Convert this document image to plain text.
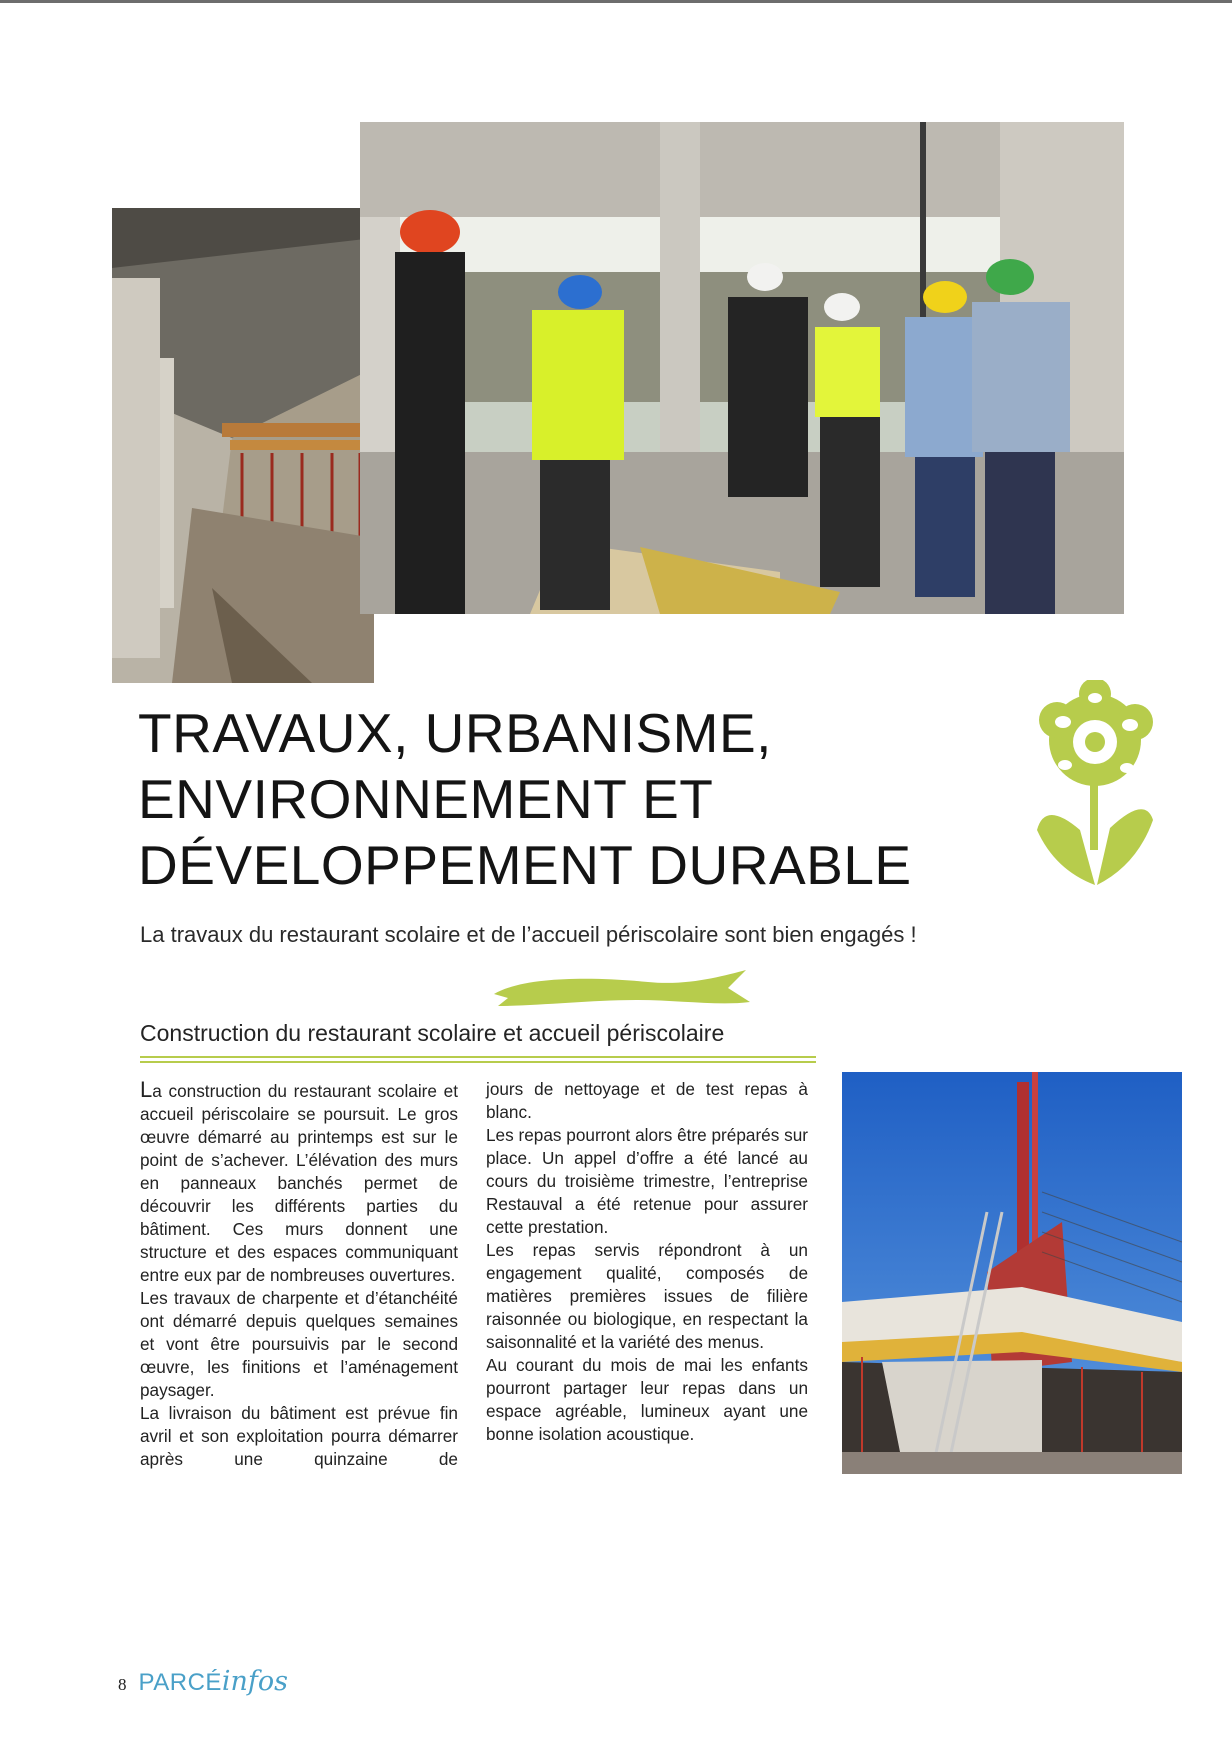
TRAVAUX, URBANISME, ENVIRONNEMENT ET DÉVELOPPEMENT DURABLE

La travaux du restaurant scolaire et de l’accueil périscolaire sont bien engagés !

Construction du restaurant scolaire et accueil périscolaire

La construction du restaurant scolaire et accueil périscolaire se poursuit. Le gros œuvre démarré au printemps est sur le point de s’achever. L’élévation des murs en panneaux banchés permet de découvrir les différents parties du bâtiment. Ces murs donnent une structure et des espaces communiquant entre eux par de nombreuses ouvertures.

Les travaux de charpente et d’étanchéité ont démarré depuis quelques semaines et vont être poursuivis par le second œuvre, les finitions et l’aménagement paysager.

La livraison du bâtiment est prévue fin avril et son exploitation pourra démarrer après une quinzaine de

jours de nettoyage et de test repas à blanc.

Les repas pourront alors être préparés sur place. Un appel d’offre a été lancé au cours du troisième trimestre, l’entreprise Restauval a été retenue pour assurer cette prestation.

Les repas servis répondront à un engagement qualité, composés de matières premières issues de filière raisonnée ou biologique, en respectant la saisonnalité et la variété des menus.

Au courant du mois de mai les enfants pourront partager leur repas dans un espace agréable, lumineux ayant une bonne isolation acoustique.

8 PARCÉinfos
